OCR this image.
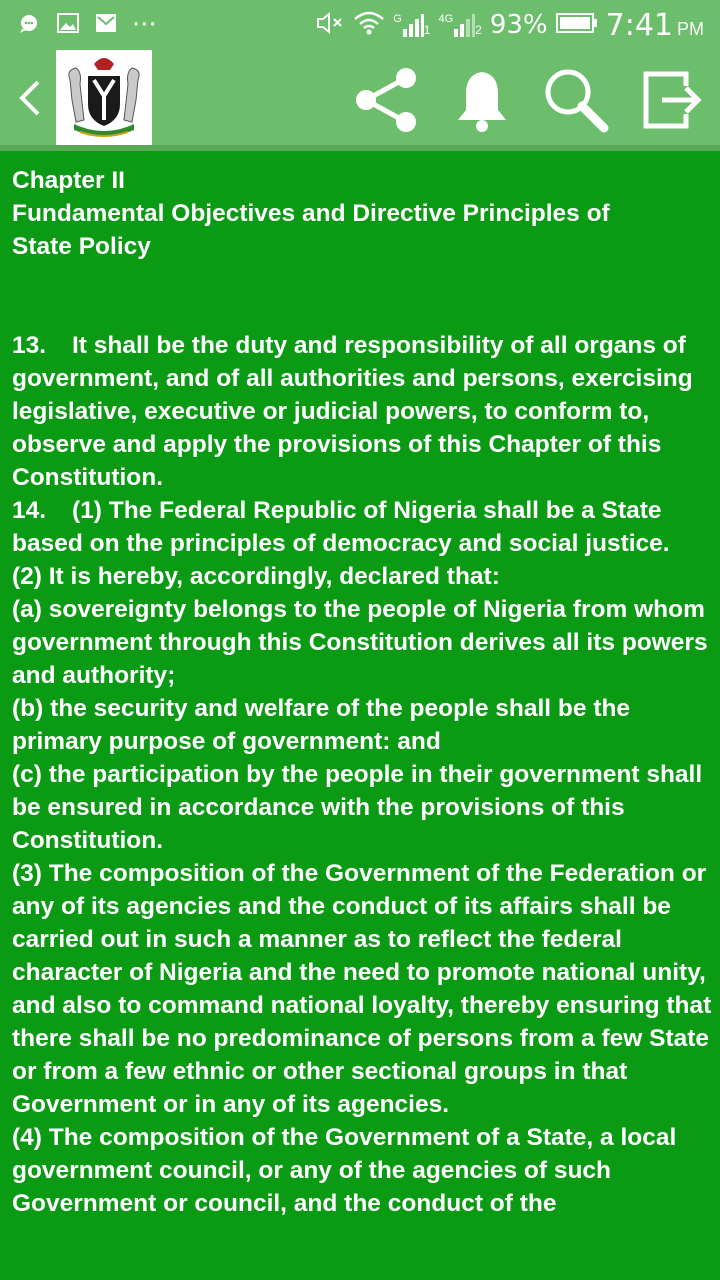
···	G
1
4G
2 93% 7:41 PM

Chapter II

Fundamental Objectives and Directive Principles of

State Policy

13. It shall be the duty and responsibility of all organs of government, and of all authorities and persons, exercising legislative, executive or judicial powers, to conform to, observe and apply the provisions of this Chapter of this Constitution.

14. (1) The Federal Republic of Nigeria shall be a State based on the principles of democracy and social justice.

(2) It is hereby, accordingly, declared that:

(a) sovereignty belongs to the people of Nigeria from whom government through this Constitution derives all its powers and authority;

(b) the security and welfare of the people shall be the primary purpose of government: and

(c) the participation by the people in their government shall be ensured in accordance with the provisions of this Constitution.

(3) The composition of the Government of the Federation or any of its agencies and the conduct of its affairs shall be carried out in such a manner as to reflect the federal character of Nigeria and the need to promote national unity, and also to command national loyalty, thereby ensuring that there shall be no predominance of persons from a few State or from a few ethnic or other sectional groups in that Government or in any of its agencies.

(4) The composition of the Government of a State, a local government council, or any of the agencies of such Government or council, and the conduct of the
